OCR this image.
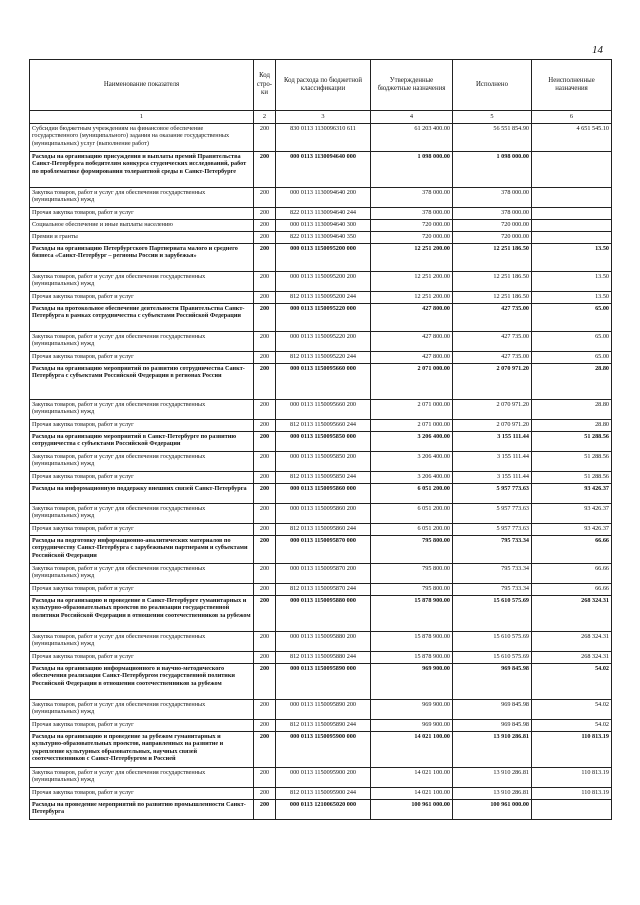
14
Наименование показателя	Код стро-ки	Код расхода по бюджетной классификации	Утвержденные бюджетные назначения	Исполнено	Неисполненные назначения
1	2	3	4	5	6
Субсидии бюджетным учреждениям на финансовое обеспечение государственного (муниципального) задания на оказание государственных (муниципальных) услуг (выполнение работ)	200	830 0113 1130096310 611	61 203 400.00	56 551 854.90	4 651 545.10
Расходы на организацию присуждения и выплаты премий Правительства Санкт-Петербурга победителям конкурса студенческих исследований, работ по проблематике формирования толерантной среды в Санкт-Петербурге	200	000 0113 1130094640 000	1 098 000.00	1 098 000.00	
Закупка товаров, работ и услуг для обеспечения государственных (муниципальных) нужд	200	000 0113 1130094640 200	378 000.00	378 000.00	
Прочая закупка товаров, работ и услуг	200	822 0113 1130094640 244	378 000.00	378 000.00	
Социальное обеспечение и иные выплаты населению	200	000 0113 1130094640 300	720 000.00	720 000.00	
Премии и гранты	200	822 0113 1130094640 350	720 000.00	720 000.00	
Расходы на организацию Петербургского Партнериата малого и среднего бизнеса «Санкт-Петербург – регионы России и зарубежья»	200	000 0113 1150095200 000	12 251 200.00	12 251 186.50	13.50
Закупка товаров, работ и услуг для обеспечения государственных (муниципальных) нужд	200	000 0113 1150095200 200	12 251 200.00	12 251 186.50	13.50
Прочая закупка товаров, работ и услуг	200	812 0113 1150095200 244	12 251 200.00	12 251 186.50	13.50
Расходы на протокольное обеспечение деятельности Правительства Санкт-Петербурга в рамках сотрудничества с субъектами Российской Федерации	200	000 0113 1150095220 000	427 800.00	427 735.00	65.00
Закупка товаров, работ и услуг для обеспечения государственных (муниципальных) нужд	200	000 0113 1150095220 200	427 800.00	427 735.00	65.00
Прочая закупка товаров, работ и услуг	200	812 0113 1150095220 244	427 800.00	427 735.00	65.00
Расходы на организацию мероприятий по развитию сотрудничества Санкт-Петербурга с субъектами Российской Федерации в регионах России	200	000 0113 1150095660 000	2 071 000.00	2 070 971.20	28.80
Закупка товаров, работ и услуг для обеспечения государственных (муниципальных) нужд	200	000 0113 1150095660 200	2 071 000.00	2 070 971.20	28.80
Прочая закупка товаров, работ и услуг	200	812 0113 1150095660 244	2 071 000.00	2 070 971.20	28.80
Расходы на организацию мероприятий в Санкт-Петербурге по развитию сотрудничества с субъектами Российской Федерации	200	000 0113 1150095850 000	3 206 400.00	3 155 111.44	51 288.56
Закупка товаров, работ и услуг для обеспечения государственных (муниципальных) нужд	200	000 0113 1150095850 200	3 206 400.00	3 155 111.44	51 288.56
Прочая закупка товаров, работ и услуг	200	812 0113 1150095850 244	3 206 400.00	3 155 111.44	51 288.56
Расходы на информационную поддержку внешних связей Санкт-Петербурга	200	000 0113 1150095860 000	6 051 200.00	5 957 773.63	93 426.37
Закупка товаров, работ и услуг для обеспечения государственных (муниципальных) нужд	200	000 0113 1150095860 200	6 051 200.00	5 957 773.63	93 426.37
Прочая закупка товаров, работ и услуг	200	812 0113 1150095860 244	6 051 200.00	5 957 773.63	93 426.37
Расходы на подготовку информационно-аналитических материалов по сотрудничеству Санкт-Петербурга с зарубежными партнерами и субъектами Российской Федерации	200	000 0113 1150095870 000	795 800.00	795 733.34	66.66
Закупка товаров, работ и услуг для обеспечения государственных (муниципальных) нужд	200	000 0113 1150095870 200	795 800.00	795 733.34	66.66
Прочая закупка товаров, работ и услуг	200	812 0113 1150095870 244	795 800.00	795 733.34	66.66
Расходы на организацию и проведение в Санкт-Петербурге гуманитарных и культурно-образовательных проектов по реализации государственной политики Российской Федерации в отношении соотечественников за рубежом	200	000 0113 1150095880 000	15 878 900.00	15 610 575.69	268 324.31
Закупка товаров, работ и услуг для обеспечения государственных (муниципальных) нужд	200	000 0113 1150095880 200	15 878 900.00	15 610 575.69	268 324.31
Прочая закупка товаров, работ и услуг	200	812 0113 1150095880 244	15 878 900.00	15 610 575.69	268 324.31
Расходы на организацию информационного и научно-методического обеспечения реализации Санкт-Петербургом государственной политики Российской Федерации в отношении соотечественников за рубежом	200	000 0113 1150095890 000	969 900.00	969 845.98	54.02
Закупка товаров, работ и услуг для обеспечения государственных (муниципальных) нужд	200	000 0113 1150095890 200	969 900.00	969 845.98	54.02
Прочая закупка товаров, работ и услуг	200	812 0113 1150095890 244	969 900.00	969 845.98	54.02
Расходы на организацию и проведение за рубежом гуманитарных и культурно-образовательных проектов, направленных на развитие и укрепление культурных образовательных, научных связей соотечественников с Санкт-Петербургом и Россией	200	000 0113 1150095900 000	14 021 100.00	13 910 286.81	110 813.19
Закупка товаров, работ и услуг для обеспечения государственных (муниципальных) нужд	200	000 0113 1150095900 200	14 021 100.00	13 910 286.81	110 813.19
Прочая закупка товаров, работ и услуг	200	812 0113 1150095900 244	14 021 100.00	13 910 286.81	110 813.19
Расходы на проведение мероприятий по развитию промышленности Санкт-Петербурга	200	000 0113 1210065020 000	100 961 000.00	100 961 000.00	
